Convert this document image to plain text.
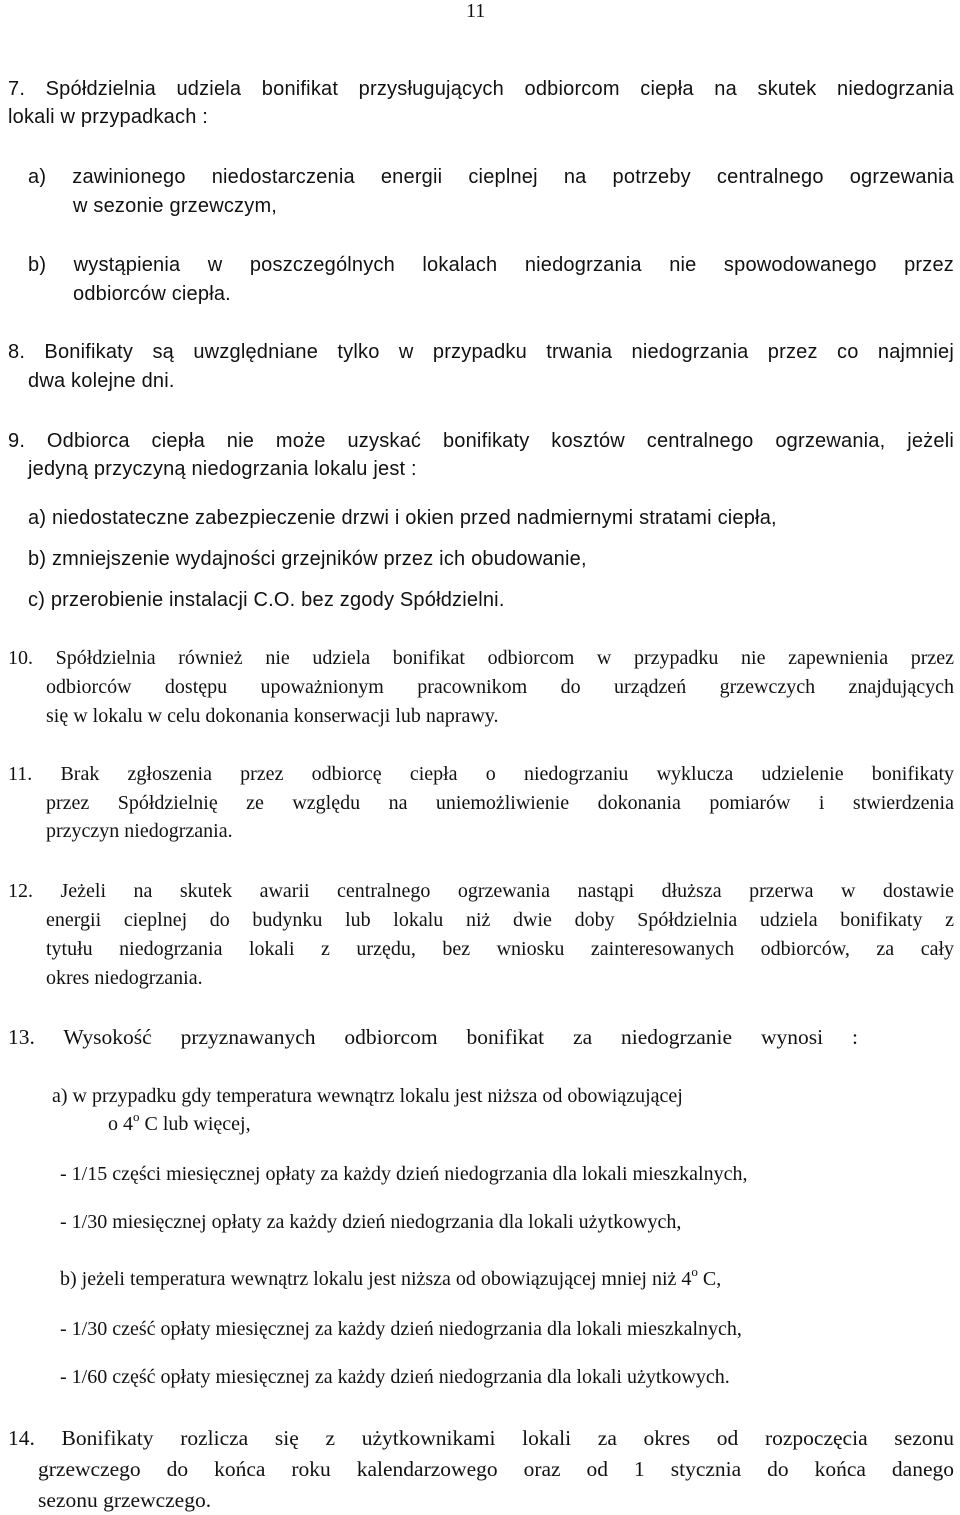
11
7. Spółdzielnia udziela bonifikat przysługujących odbiorcom ciepła na skutek niedogrzania
lokali w przypadkach :
a) zawinionego niedostarczenia energii cieplnej na potrzeby centralnego ogrzewania
w sezonie grzewczym,
b) wystąpienia w poszczególnych lokalach niedogrzania nie spowodowanego przez
odbiorców ciepła.
8. Bonifikaty są uwzględniane tylko w przypadku trwania niedogrzania przez co najmniej
dwa kolejne dni.
9. Odbiorca ciepła nie może uzyskać bonifikaty kosztów centralnego ogrzewania, jeżeli
jedyną przyczyną niedogrzania lokalu jest :
a) niedostateczne zabezpieczenie drzwi i okien przed nadmiernymi stratami ciepła,
b) zmniejszenie wydajności grzejników przez ich obudowanie,
c) przerobienie instalacji C.O. bez zgody Spółdzielni.
10. Spółdzielnia również nie udziela bonifikat odbiorcom w przypadku nie zapewnienia przez
odbiorców dostępu upoważnionym pracownikom do urządzeń grzewczych znajdujących
się w lokalu w celu dokonania konserwacji lub naprawy.
11. Brak zgłoszenia przez odbiorcę ciepła o niedogrzaniu wyklucza udzielenie bonifikaty
przez Spółdzielnię ze względu na uniemożliwienie dokonania pomiarów i stwierdzenia
przyczyn niedogrzania.
12. Jeżeli na skutek awarii centralnego ogrzewania nastąpi dłuższa przerwa w dostawie
energii cieplnej do budynku lub lokalu niż dwie doby Spółdzielnia udziela bonifikaty z
tytułu niedogrzania lokali z urzędu, bez wniosku zainteresowanych odbiorców, za cały
okres niedogrzania.
13. Wysokość przyznawanych odbiorcom bonifikat za niedogrzanie wynosi :
a) w przypadku gdy temperatura wewnątrz lokalu jest niższa od obowiązującej
o 4$^o$ C lub więcej,
- 1/15 części miesięcznej opłaty za każdy dzień niedogrzania dla lokali mieszkalnych,
- 1/30 miesięcznej opłaty za każdy dzień niedogrzania dla lokali użytkowych,
b) jeżeli temperatura wewnątrz lokalu jest niższa od obowiązującej mniej niż 4$^o$ C,
- 1/30 cześć opłaty miesięcznej za każdy dzień niedogrzania dla lokali mieszkalnych,
- 1/60 część opłaty miesięcznej za każdy dzień niedogrzania dla lokali użytkowych.
14. Bonifikaty rozlicza się z użytkownikami lokali za okres od rozpoczęcia sezonu
grzewczego do końca roku kalendarzowego oraz od 1 stycznia do końca danego
sezonu grzewczego.
